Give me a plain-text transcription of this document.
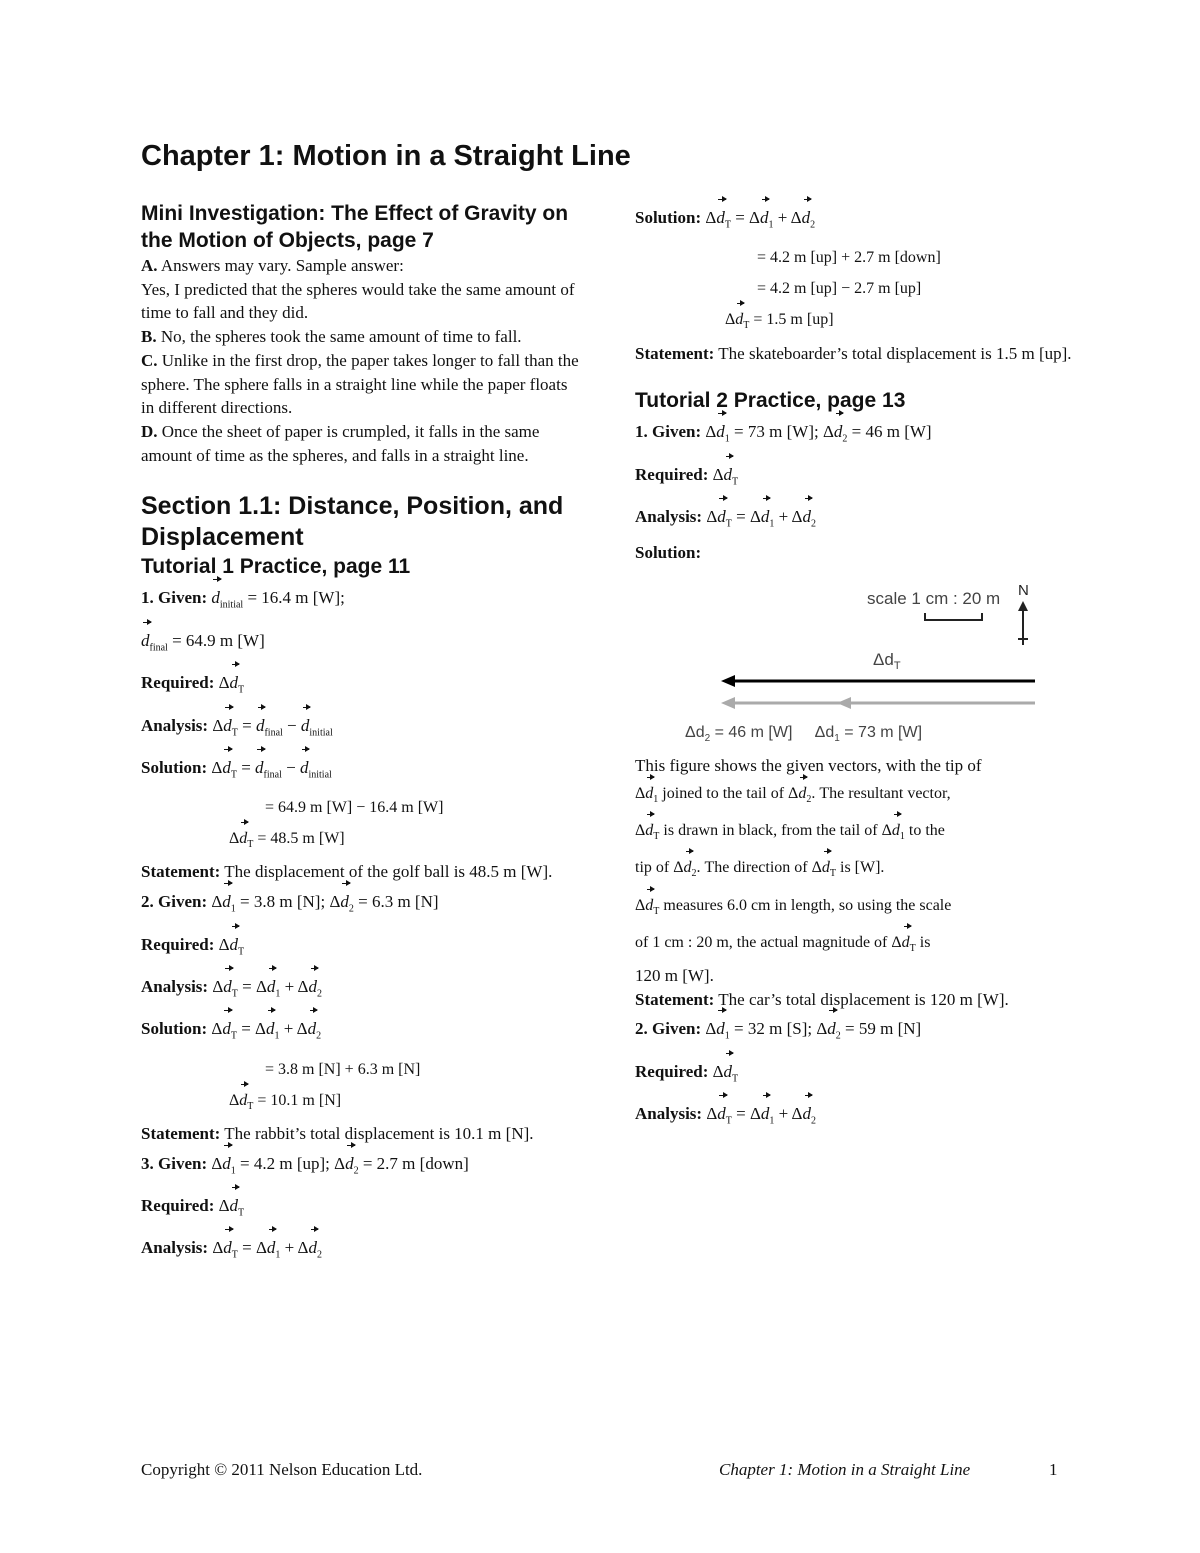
Chapter 1: Motion in a Straight Line
Mini Investigation: The Effect of Gravity on the Motion of Objects, page 7

A. Answers may vary. Sample answer:
Yes, I predicted that the spheres would take the same amount of time to fall and they did.

B. No, the spheres took the same amount of time to fall.

C. Unlike in the first drop, the paper takes longer to fall than the sphere. The sphere falls in a straight line while the paper floats in different directions.

D. Once the sheet of paper is crumpled, it falls in the same amount of time as the spheres, and falls in a straight line.

Section 1.1: Distance, Position, and Displacement
Tutorial 1 Practice, page 11

1. Given: $d_{initial} = 16.4$ m [W];

$d_{final} = 64.9$ m [W]

Required: $\Delta d_T$

Analysis: $\Delta d_T = d_{final} - d_{initial}$

Solution: $\Delta d_T = d_{final} - d_{initial}$

= 64.9 m [W] − 16.4 m [W]

$\Delta d_T = 48.5$ m [W]

Statement: The displacement of the golf ball is 48.5 m [W].

2. Given: $\Delta d_1 = 3.8$ m [N]; $\Delta d_2 = 6.3$ m [N]

Required: $\Delta d_T$

Analysis: $\Delta d_T = \Delta d_1 + \Delta d_2$

Solution: $\Delta d_T = \Delta d_1 + \Delta d_2$

= 3.8 m [N] + 6.3 m [N]

$\Delta d_T = 10.1$ m [N]

Statement: The rabbit’s total displacement is 10.1 m [N].

3. Given: $\Delta d_1 = 4.2$ m [up]; $\Delta d_2 = 2.7$ m [down]

Required: $\Delta d_T$

Analysis: $\Delta d_T = \Delta d_1 + \Delta d_2$

Solution: $\Delta d_T = \Delta d_1 + \Delta d_2$

= 4.2 m [up] + 2.7 m [down]

= 4.2 m [up] − 2.7 m [up]

$\Delta d_T = 1.5$ m [up]

Statement: The skateboarder’s total displacement is 1.5 m [up].

Tutorial 2 Practice, page 13

1. Given: $\Delta d_1 = 73$ m [W]; $\Delta d_2 = 46$ m [W]

Required: $\Delta d_T$

Analysis: $\Delta d_T = \Delta d_1 + \Delta d_2$

Solution:

scale 1 cm : 20 m N
$\Delta d_T$

$\Delta d_2 = 46$ m [W] $\Delta d_1 = 73$ m [W]

This figure shows the given vectors, with the tip of

$\Delta d_1$ joined to the tail of $\Delta d_2$. The resultant vector,

$\Delta d_T$ is drawn in black, from the tail of $\Delta d_1$ to the

tip of $\Delta d_2$. The direction of $\Delta d_T$ is [W].

$\Delta d_T$ measures 6.0 cm in length, so using the scale

of 1 cm : 20 m, the actual magnitude of $\Delta d_T$ is

120 m [W].

Statement: The car’s total displacement is 120 m [W].

2. Given: $\Delta d_1 = 32$ m [S]; $\Delta d_2 = 59$ m [N]

Required: $\Delta d_T$

Analysis: $\Delta d_T = \Delta d_1 + \Delta d_2$

Copyright © 2011 Nelson Education Ltd.	Chapter 1: Motion in a Straight Line	1
